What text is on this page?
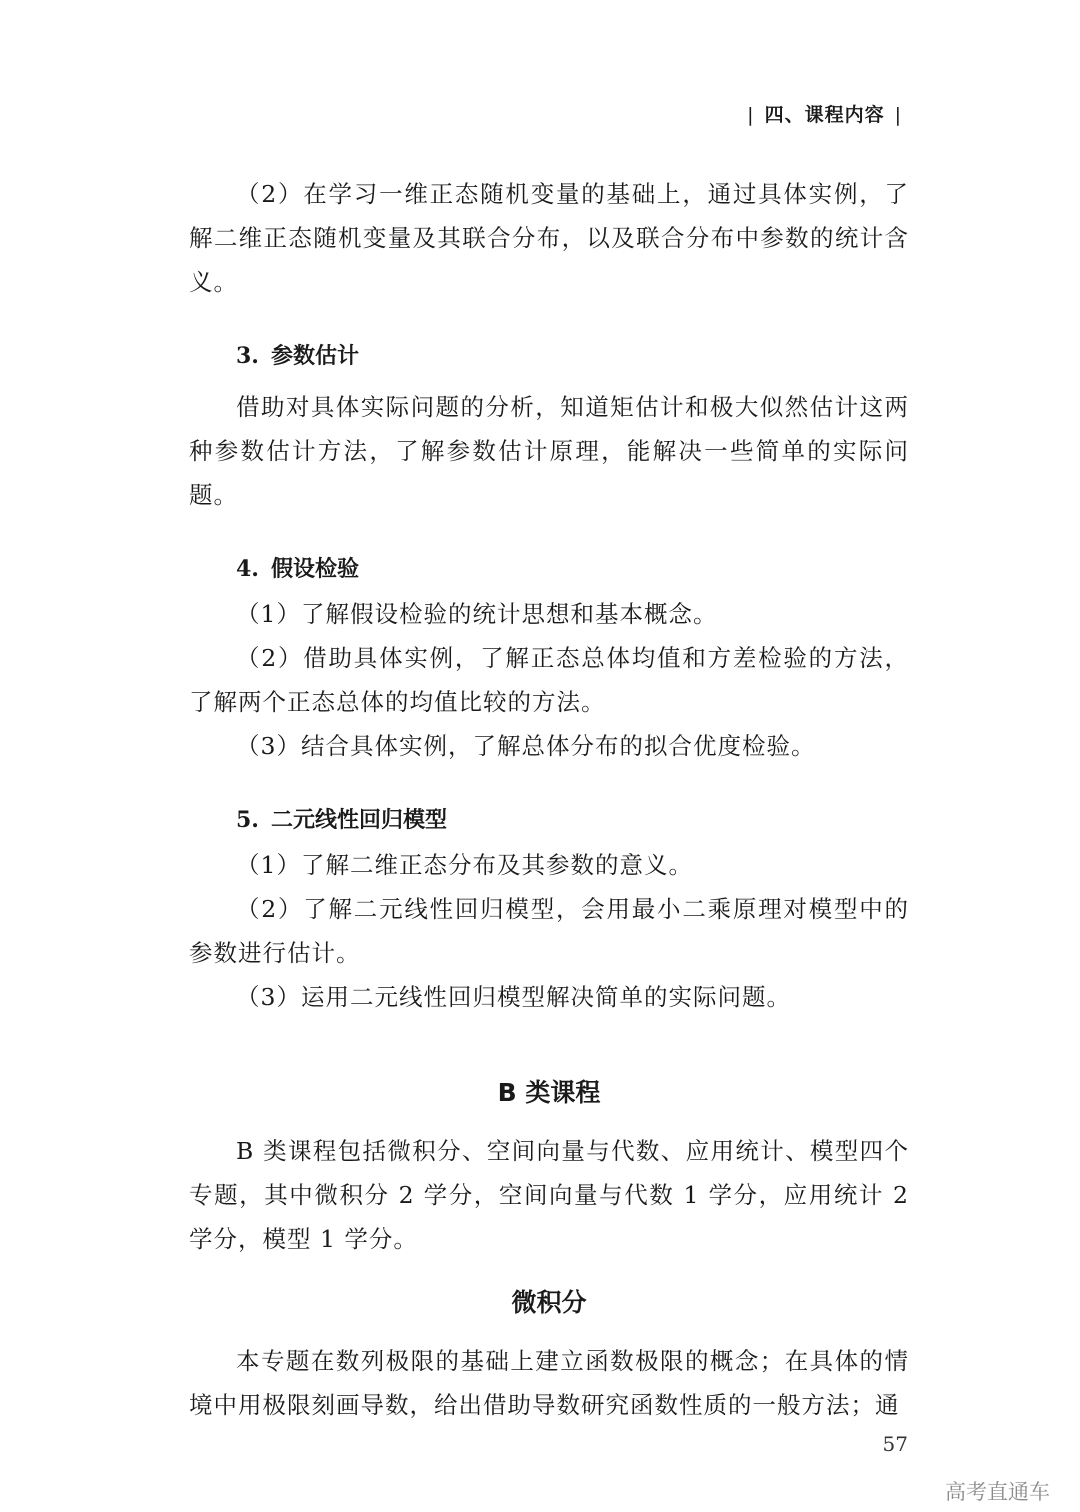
| 四、课程内容 |

（2）在学习一维正态随机变量的基础上，通过具体实例，了解二维正态随机变量及其联合分布，以及联合分布中参数的统计含义。

3. 参数估计

借助对具体实际问题的分析，知道矩估计和极大似然估计这两种参数估计方法，了解参数估计原理，能解决一些简单的实际问题。

4. 假设检验

（1）了解假设检验的统计思想和基本概念。

（2）借助具体实例，了解正态总体均值和方差检验的方法，了解两个正态总体的均值比较的方法。

（3）结合具体实例，了解总体分布的拟合优度检验。

5. 二元线性回归模型

（1）了解二维正态分布及其参数的意义。

（2）了解二元线性回归模型，会用最小二乘原理对模型中的参数进行估计。

（3）运用二元线性回归模型解决简单的实际问题。

B 类课程

B 类课程包括微积分、空间向量与代数、应用统计、模型四个专题，其中微积分 2 学分，空间向量与代数 1 学分，应用统计 2 学分，模型 1 学分。

微积分

本专题在数列极限的基础上建立函数极限的概念；在具体的情境中用极限刻画导数，给出借助导数研究函数性质的一般方法；通

57
高考直通车
